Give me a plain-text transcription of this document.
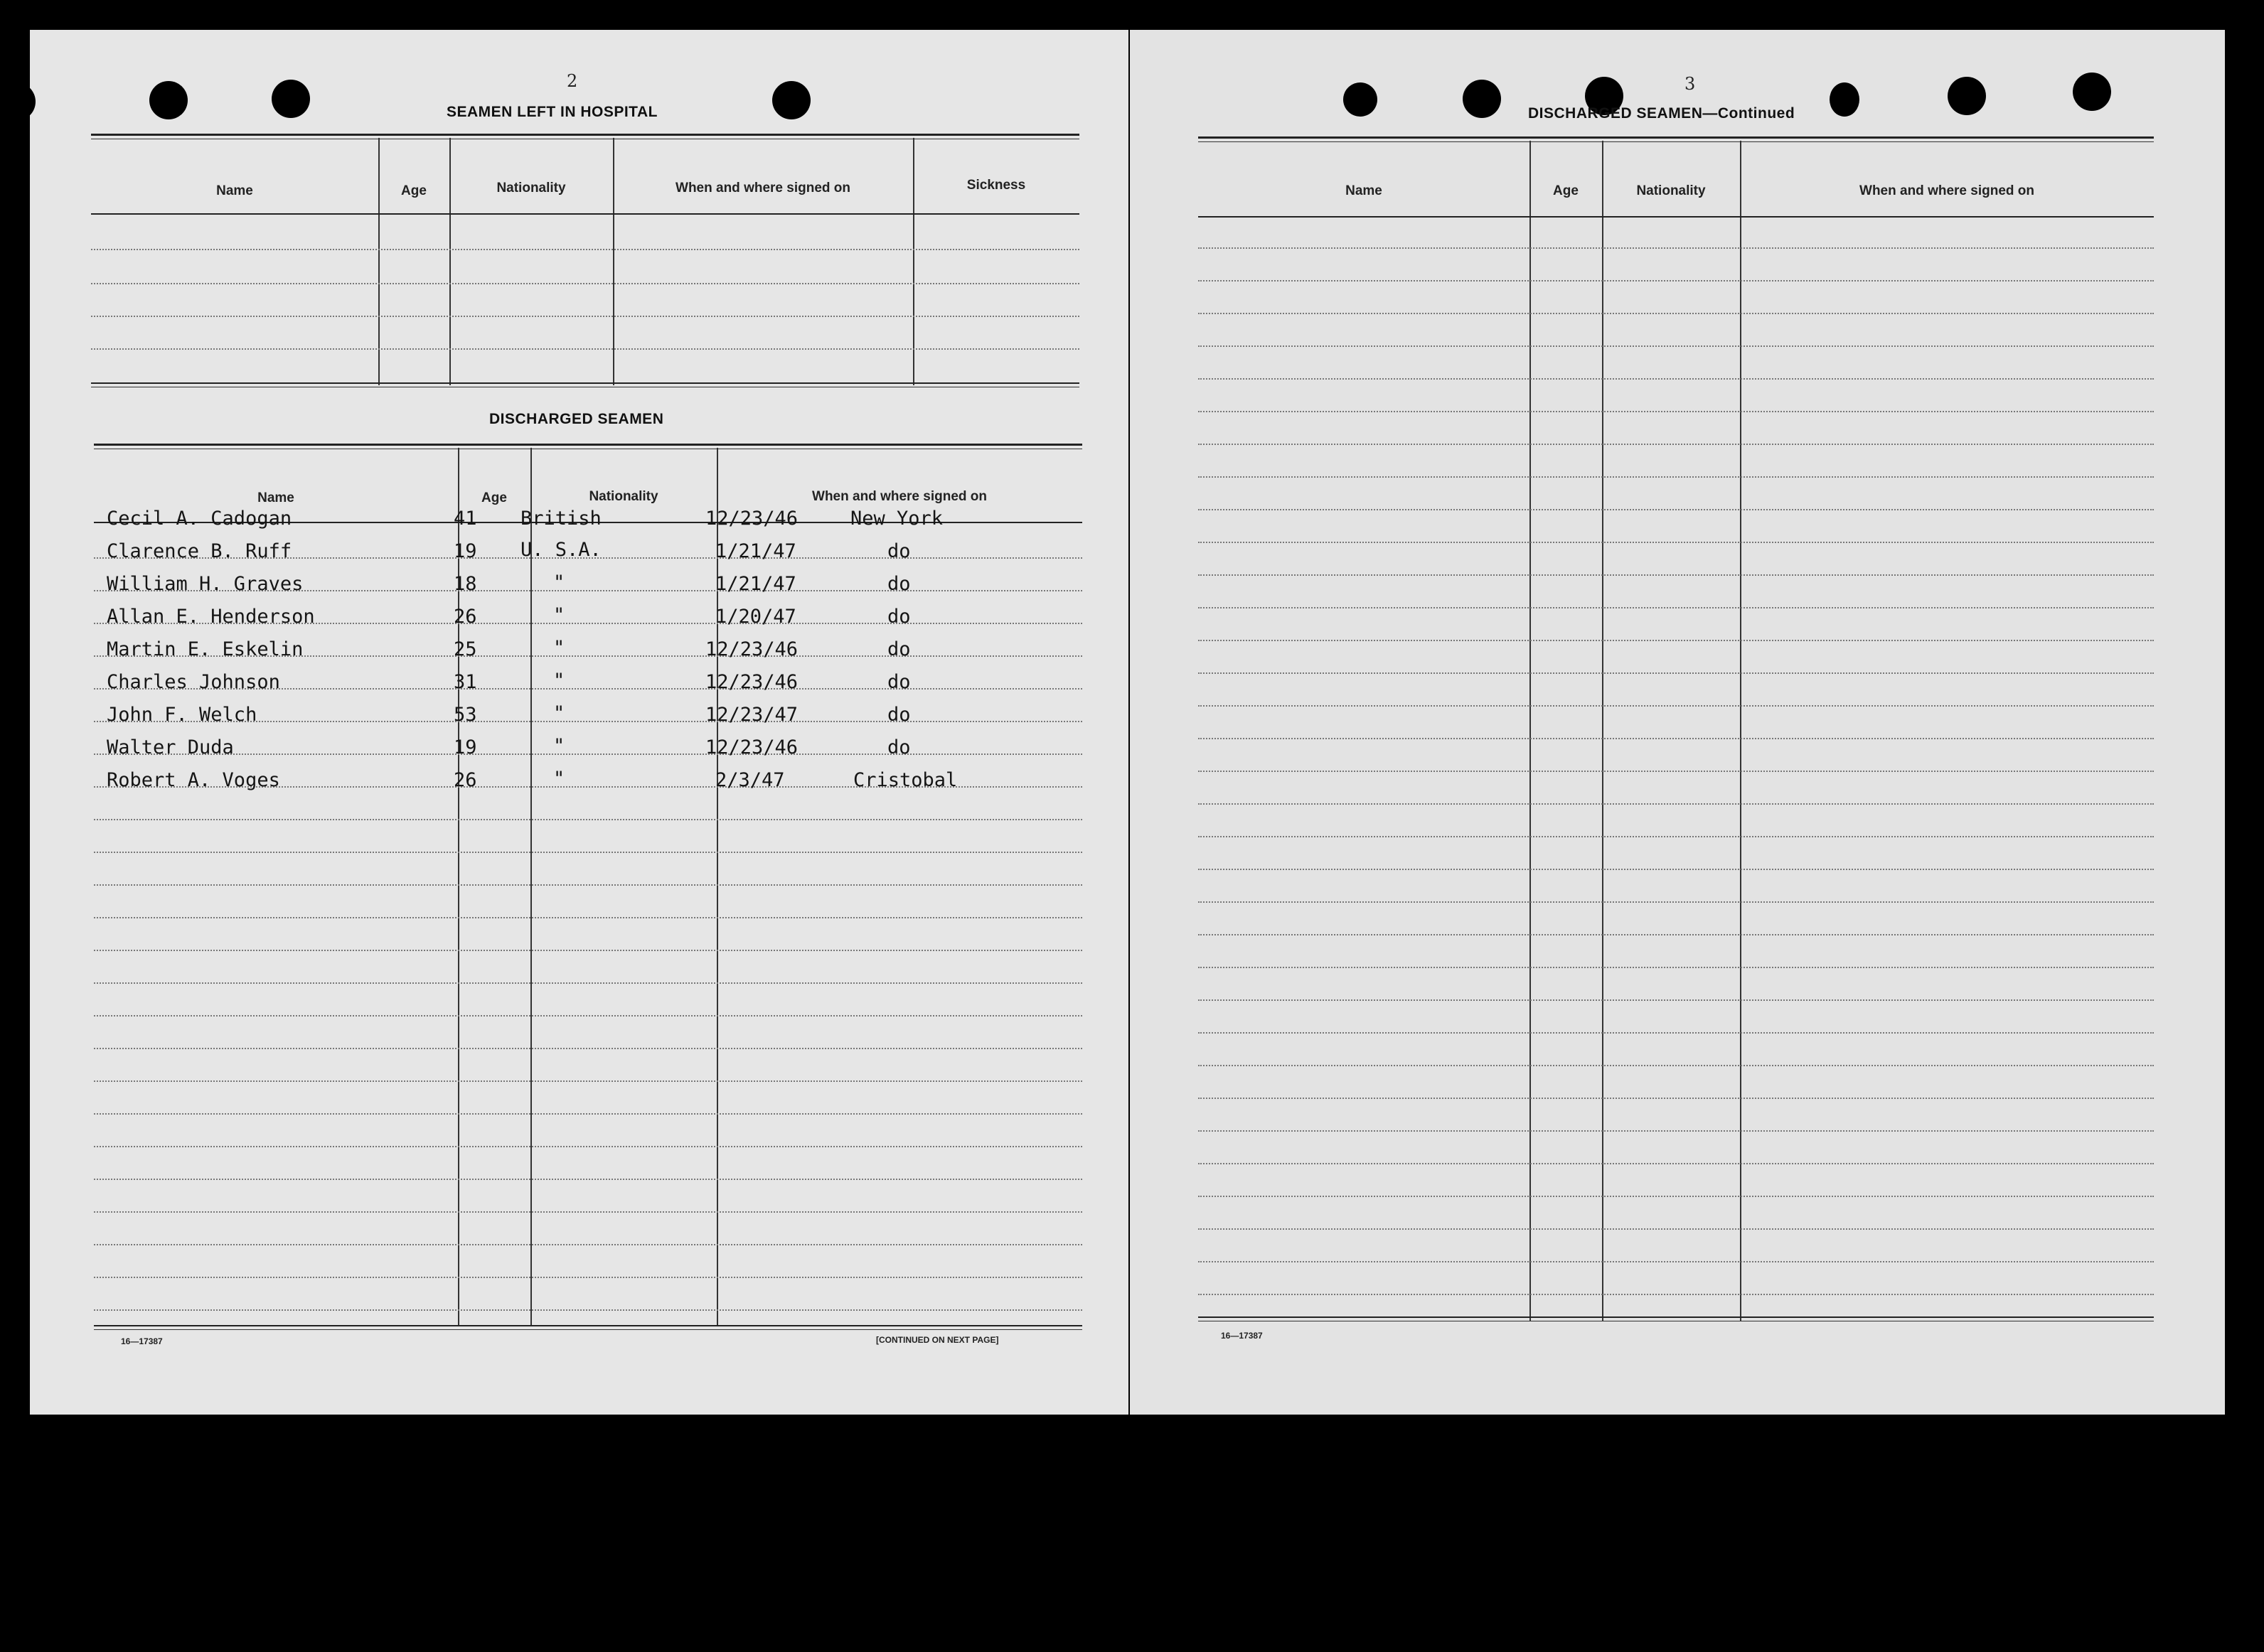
2
SEAMEN LEFT IN HOSPITAL
Name	Age	Nationality	When and where signed on	Sickness
DISCHARGED SEAMEN
Name	Age	Nationality	When and where signed on
Cecil A. Cadogan	41 British	12/23/46	New York
Clarence B. Ruff	19 U. S.A.	1/21/47	do
William H. Graves	18	"	1/21/47	do
Allan E. Henderson	26	"	1/20/47	do
Martin E. Eskelin	25	"	12/23/46	do
Charles Johnson	31	"	12/23/46	do
John F. Welch	53	"	12/23/47	do
Walter Duda	19	"	12/23/46	do
Robert A. Voges	26	"	2/3/47	Cristobal
16—17387	[CONTINUED ON NEXT PAGE]
3
DISCHARGED SEAMEN—Continued
Name	Age	Nationality	When and where signed on
16—17387
